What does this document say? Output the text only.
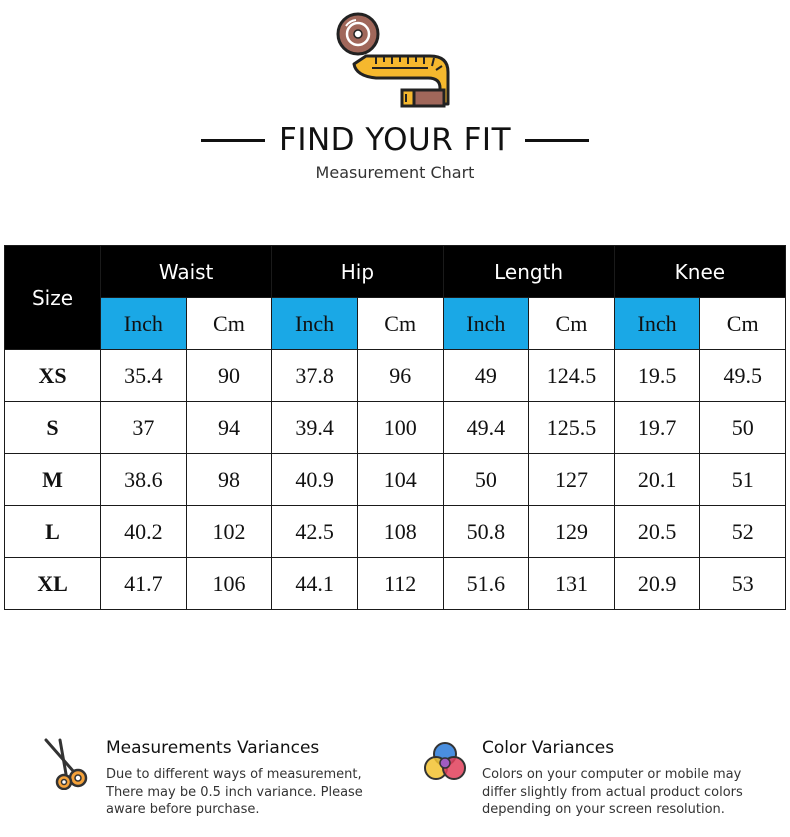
FIND YOUR FIT
Measurement Chart
Size	Waist		Hip		Length		Knee	
	Inch	Cm	Inch	Cm	Inch	Cm	Inch	Cm
XS	35.4	90	37.8	96	49	124.5	19.5	49.5
S	37	94	39.4	100	49.4	125.5	19.7	50
M	38.6	98	40.9	104	50	127	20.1	51
L	40.2	102	42.5	108	50.8	129	20.5	52
XL	41.7	106	44.1	112	51.6	131	20.9	53
Measurements Variances
Due to different ways of measurement,
There may be 0.5 inch variance. Please
aware before purchase.
Color Variances
Colors on your computer or mobile may
differ slightly from actual product colors
depending on your screen resolution.
